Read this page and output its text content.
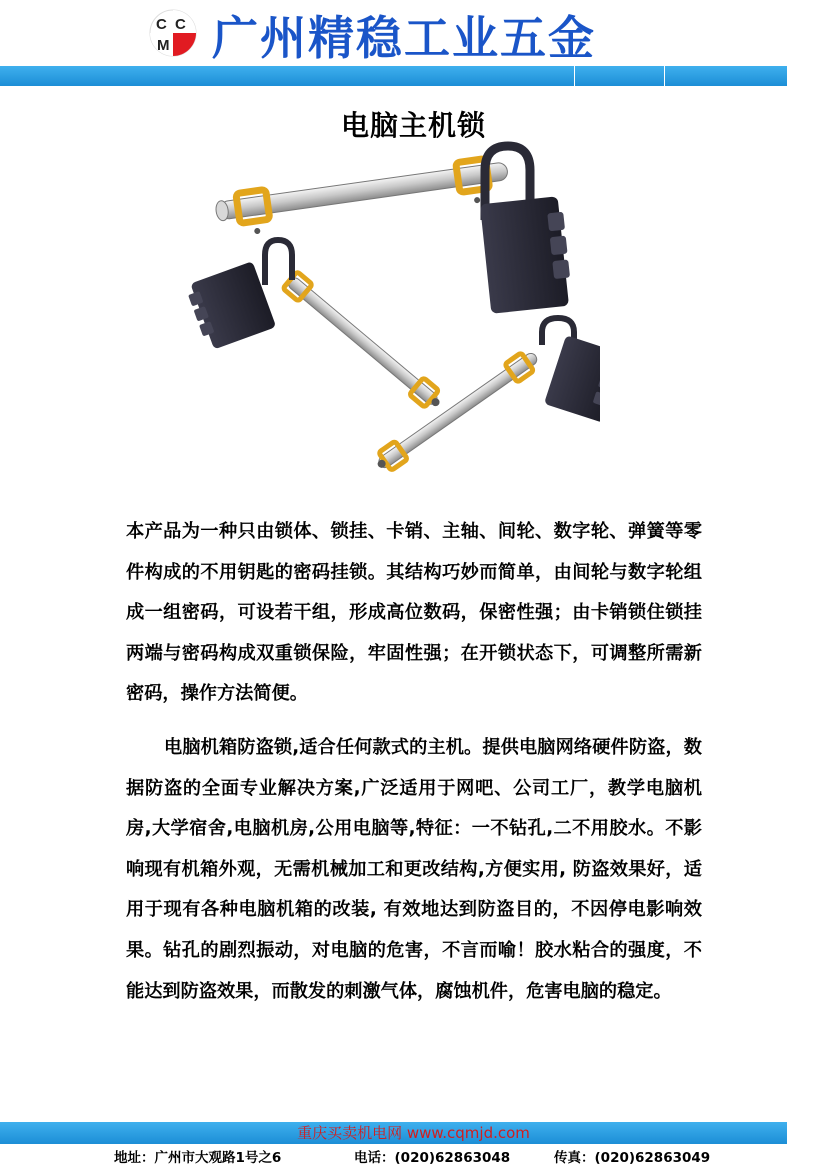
C C
M 广州精稳工业五金
电脑主机锁

本产品为一种只由锁体、锁挂、卡销、主轴、间轮、数字轮、弹簧等零件构成的不用钥匙的密码挂锁。其结构巧妙而简单，由间轮与数字轮组成一组密码，可设若干组，形成高位数码，保密性强；由卡销锁住锁挂两端与密码构成双重锁保险，牢固性强；在开锁状态下，可调整所需新密码，操作方法简便。

电脑机箱防盗锁,适合任何款式的主机。提供电脑网络硬件防盗，数据防盗的全面专业解决方案,广泛适用于网吧、公司工厂，教学电脑机房,大学宿舍,电脑机房,公用电脑等,特征：一不钻孔,二不用胶水。不影响现有机箱外观，无需机械加工和更改结构,方便实用, 防盗效果好，适用于现有各种电脑机箱的改装, 有效地达到防盗目的，不因停电影响效果。钻孔的剧烈振动，对电脑的危害，不言而喻！胶水粘合的强度，不能达到防盗效果，而散发的刺激气体，腐蚀机件，危害电脑的稳定。

重庆买卖机电网 www.cqmjd.com
地址：广州市大观路1号之6	电话：(020)62863048	传真：(020)62863049
